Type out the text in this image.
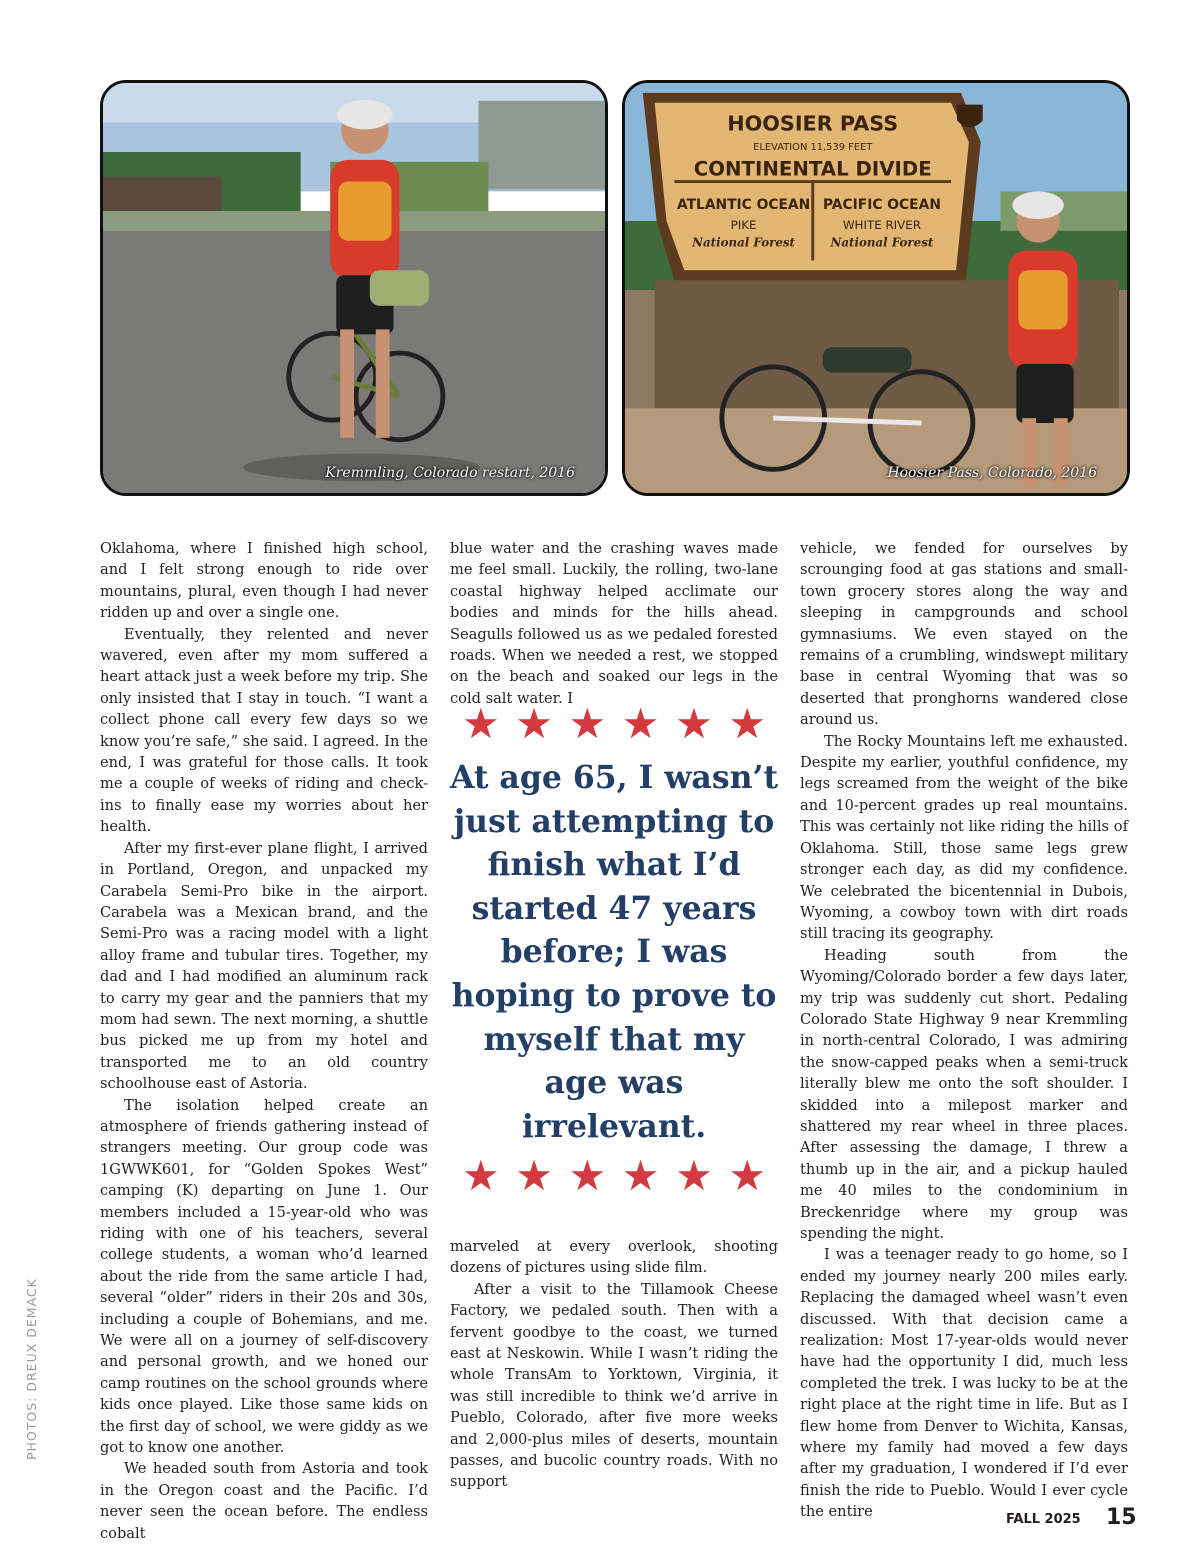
Kremmling, Colorado restart, 2016
HOOSIER PASS
ELEVATION 11,539 FEET
CONTINENTAL DIVIDE
ATLANTIC OCEAN
PIKE
National Forest
PACIFIC OCEAN
WHITE RIVER
National Forest
Hoosier Pass, Colorado, 2016

Oklahoma, where I finished high school, and I felt strong enough to ride over mountains, plural, even though I had never ridden up and over a single one.

Eventually, they relented and never wavered, even after my mom suffered a heart attack just a week before my trip. She only insisted that I stay in touch. “I want a collect phone call every few days so we know you’re safe,” she said. I agreed. In the end, I was grateful for those calls. It took me a couple of weeks of riding and check-ins to finally ease my worries about her health.

After my first-ever plane flight, I arrived in Portland, Oregon, and unpacked my Carabela Semi-Pro bike in the airport. Carabela was a Mexican brand, and the Semi-Pro was a racing model with a light alloy frame and tubular tires. Together, my dad and I had modified an aluminum rack to carry my gear and the panniers that my mom had sewn. The next morning, a shuttle bus picked me up from my hotel and transported me to an old country schoolhouse east of Astoria.

The isolation helped create an atmosphere of friends gathering instead of strangers meeting. Our group code was 1GWWK601, for “Golden Spokes West” camping (K) departing on June 1. Our members included a 15-year-old who was riding with one of his teachers, several college students, a woman who’d learned about the ride from the same article I had, several “older” riders in their 20s and 30s, including a couple of Bohemians, and me. We were all on a journey of self-discovery and personal growth, and we honed our camp routines on the school grounds where kids once played. Like those same kids on the first day of school, we were giddy as we got to know one another.

We headed south from Astoria and took in the Oregon coast and the Pacific. I’d never seen the ocean before. The endless cobalt

blue water and the crashing waves made me feel small. Luckily, the rolling, two-lane coastal highway helped acclimate our bodies and minds for the hills ahead. Seagulls followed us as we pedaled forested roads. When we needed a rest, we stopped on the beach and soaked our legs in the cold salt water. I

★ ★ ★ ★ ★ ★
At age 65, I wasn’t just attempting to finish what I’d started 47 years before; I was hoping to prove to myself that my age was irrelevant.
★ ★ ★ ★ ★ ★

marveled at every overlook, shooting dozens of pictures using slide film.

After a visit to the Tillamook Cheese Factory, we pedaled south. Then with a fervent goodbye to the coast, we turned east at Neskowin. While I wasn’t riding the whole TransAm to Yorktown, Virginia, it was still incredible to think we’d arrive in Pueblo, Colorado, after five more weeks and 2,000-plus miles of deserts, mountain passes, and bucolic country roads. With no support

vehicle, we fended for ourselves by scrounging food at gas stations and small-town grocery stores along the way and sleeping in campgrounds and school gymnasiums. We even stayed on the remains of a crumbling, windswept military base in central Wyoming that was so deserted that pronghorns wandered close around us.

The Rocky Mountains left me exhausted. Despite my earlier, youthful confidence, my legs screamed from the weight of the bike and 10-percent grades up real mountains. This was certainly not like riding the hills of Oklahoma. Still, those same legs grew stronger each day, as did my confidence. We celebrated the bicentennial in Dubois, Wyoming, a cowboy town with dirt roads still tracing its geography.

Heading south from the Wyoming/Colorado border a few days later, my trip was suddenly cut short. Pedaling Colorado State Highway 9 near Kremmling in north-central Colorado, I was admiring the snow-capped peaks when a semi-truck literally blew me onto the soft shoulder. I skidded into a milepost marker and shattered my rear wheel in three places. After assessing the damage, I threw a thumb up in the air, and a pickup hauled me 40 miles to the condominium in Breckenridge where my group was spending the night.

I was a teenager ready to go home, so I ended my journey nearly 200 miles early. Replacing the damaged wheel wasn’t even discussed. With that decision came a realization: Most 17-year-olds would never have had the opportunity I did, much less completed the trek. I was lucky to be at the right place at the right time in life. But as I flew home from Denver to Wichita, Kansas, where my family had moved a few days after my graduation, I wondered if I’d ever finish the ride to Pueblo. Would I ever cycle the entire

PHOTOS: DREUX DEMACK
FALL 2025 15
